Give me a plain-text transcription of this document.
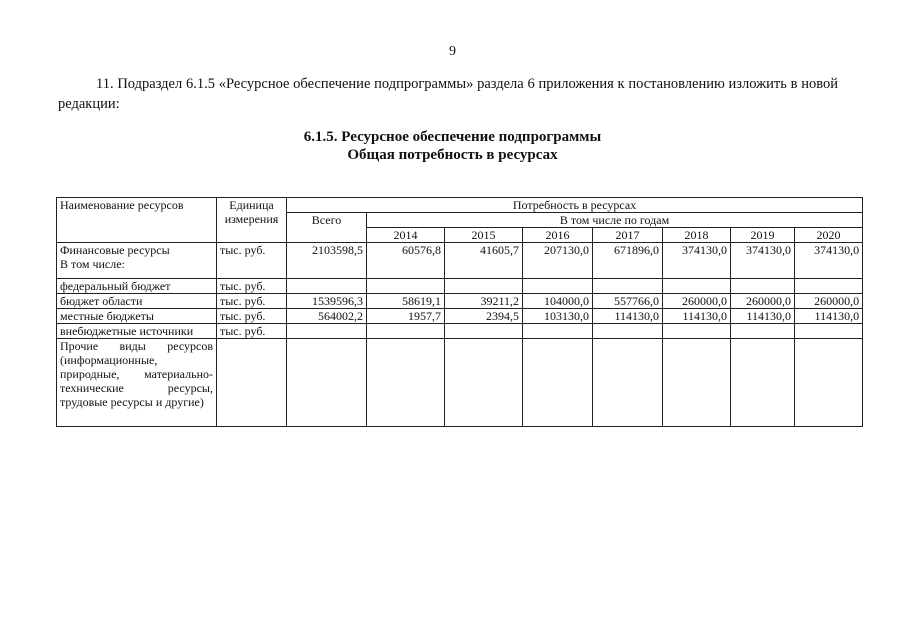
9
11. Подраздел 6.1.5 «Ресурсное обеспечение подпрограммы» раздела 6 приложения к постановлению изложить в новой редакции:
6.1.5. Ресурсное обеспечение подпрограммы
Общая потребность в ресурсах
Наименование ресурсов	Единица измерения	Потребность в ресурсах							
		Всего	В том числе по годам						
			2014	2015	2016	2017	2018	2019	2020

Финансовые ресурсы
В том числе:	тыс. руб.	2103598,5	60576,8	41605,7	207130,0	671896,0	374130,0	374130,0	374130,0
федеральный бюджет	тыс. руб.								
бюджет области	тыс. руб.	1539596,3	58619,1	39211,2	104000,0	557766,0	260000,0	260000,0	260000,0
местные бюджеты	тыс. руб.	564002,2	1957,7	2394,5	103130,0	114130,0	114130,0	114130,0	114130,0
внебюджетные источники	тыс. руб.								
Прочие виды ресурсов (информационные, природные, материально-технические ресурсы, трудовые ресурсы и другие)									
